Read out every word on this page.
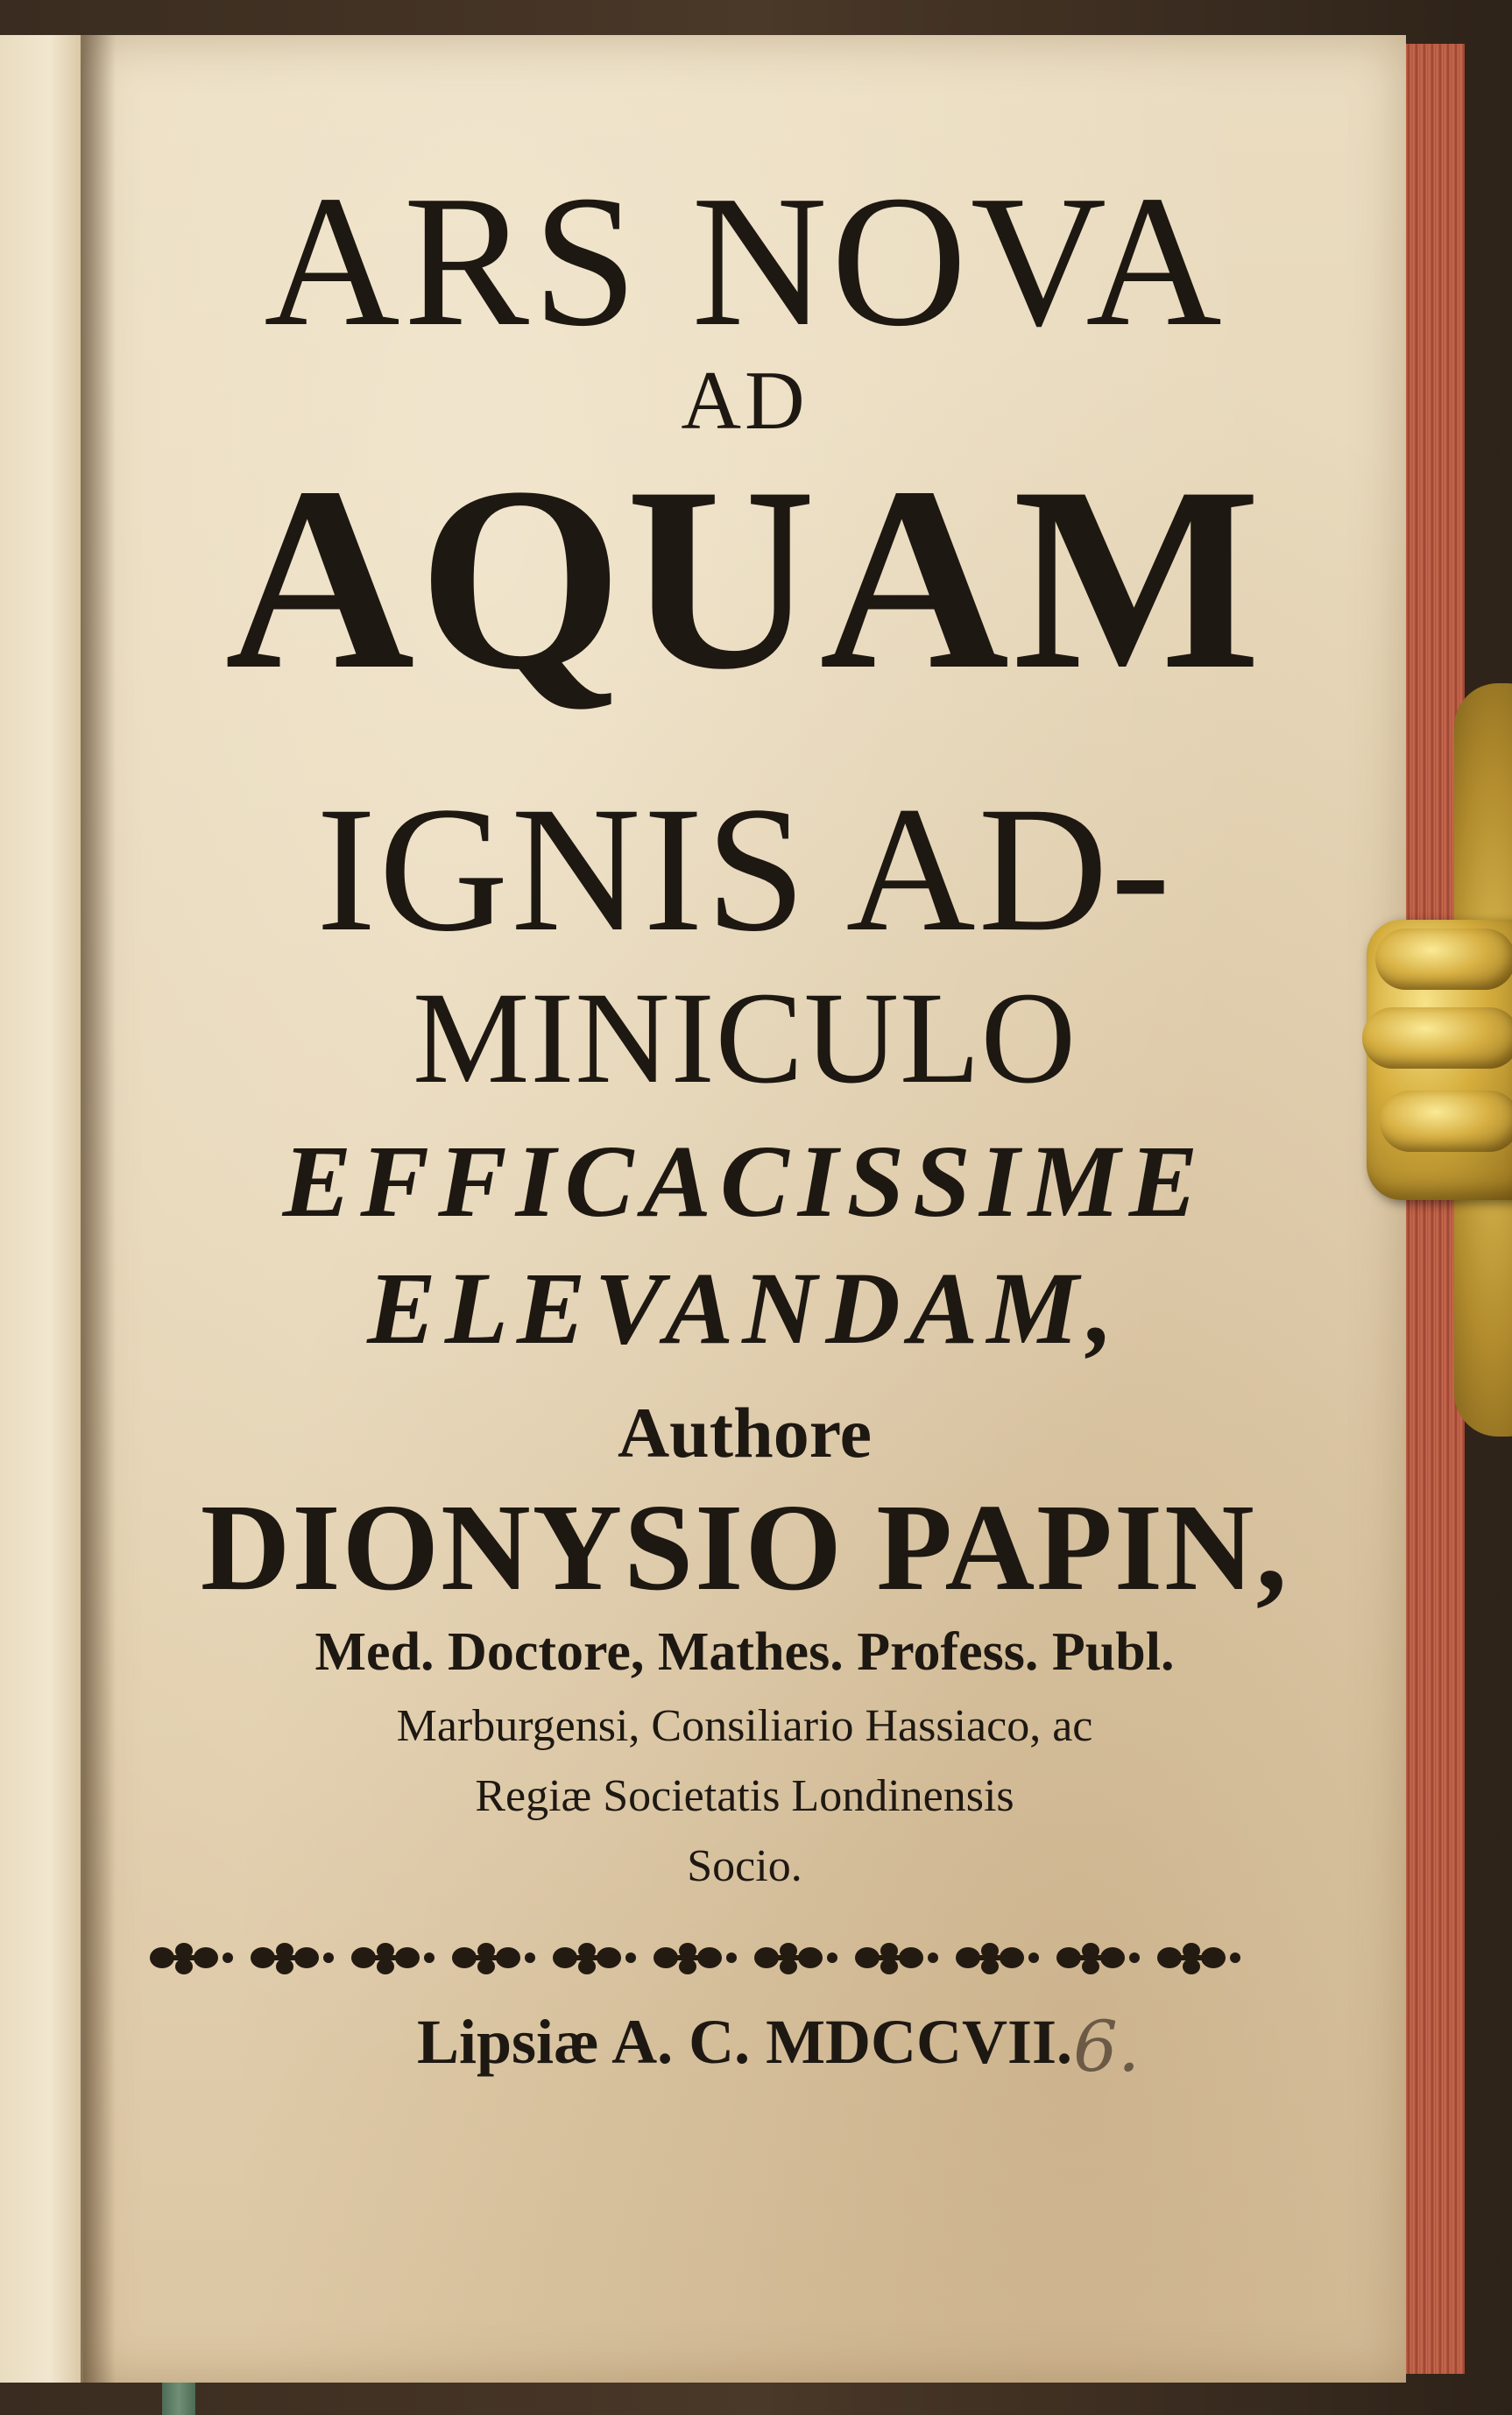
ARS NOVA
AD
AQUAM
IGNIS AD-
MINICULO
EFFICACISSIME
ELEVANDAM,
Authore
DIONYSIO PAPIN,
Med. Doctore, Mathes. Profess. Publ.
Marburgensi, Consiliario Hassiaco, ac
Regiæ Societatis Londinensis
Socio.
Lipsiæ A. C. MDCCVII. 6.
